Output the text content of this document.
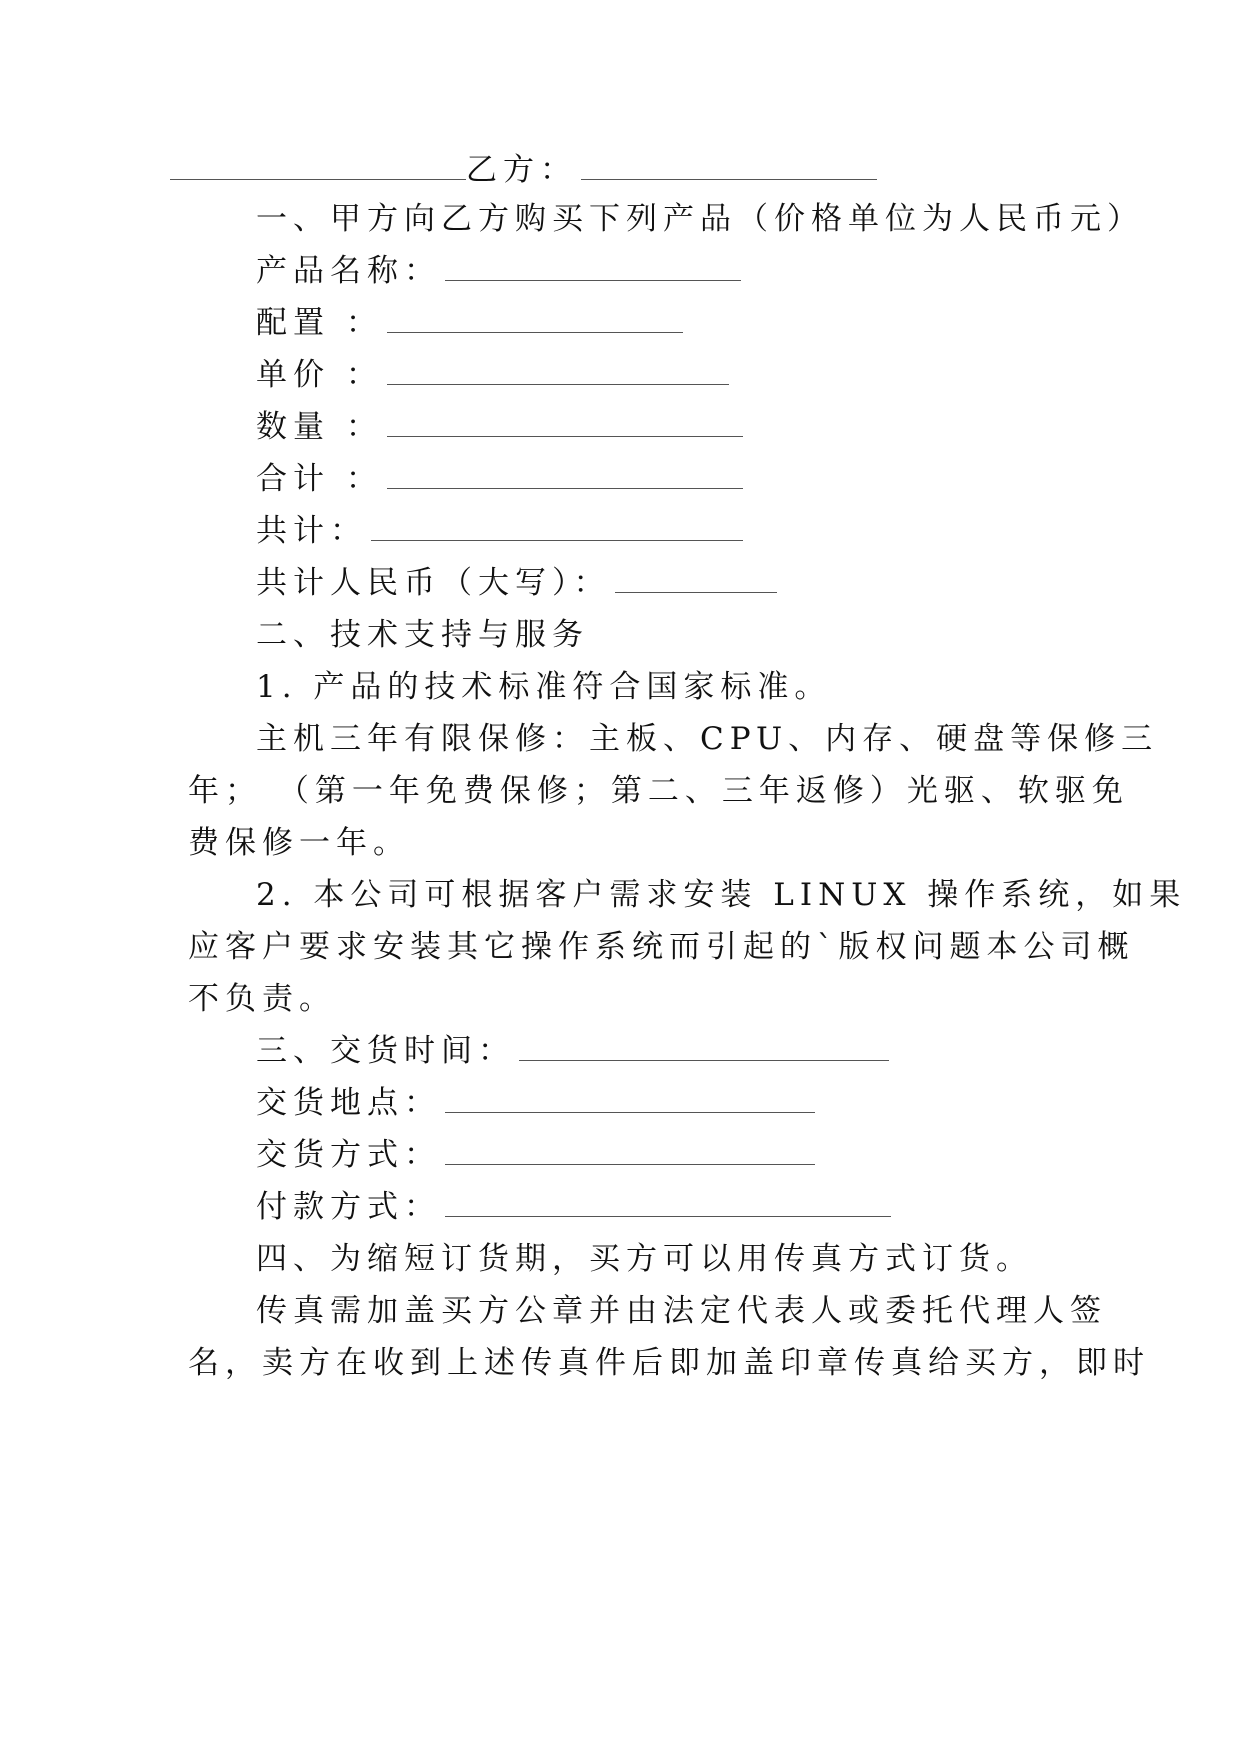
乙方：
一、甲方向乙方购买下列产品（价格单位为人民币元）
产品名称：
配置 ：
单价 ：
数量 ：
合计 ：
共计：
共计人民币（大写）：
二、技术支持与服务
1. 产品的技术标准符合国家标准。
主机三年有限保修：主板、CPU、内存、硬盘等保修三
年； （第一年免费保修；第二、三年返修）光驱、软驱免
费保修一年。
2. 本公司可根据客户需求安装 LINUX 操作系统，如果
应客户要求安装其它操作系统而引起的`版权问题本公司概
不负责。
三、交货时间：
交货地点：
交货方式：
付款方式：
四、为缩短订货期，买方可以用传真方式订货。
传真需加盖买方公章并由法定代表人或委托代理人签
名，卖方在收到上述传真件后即加盖印章传真给买方，即时
